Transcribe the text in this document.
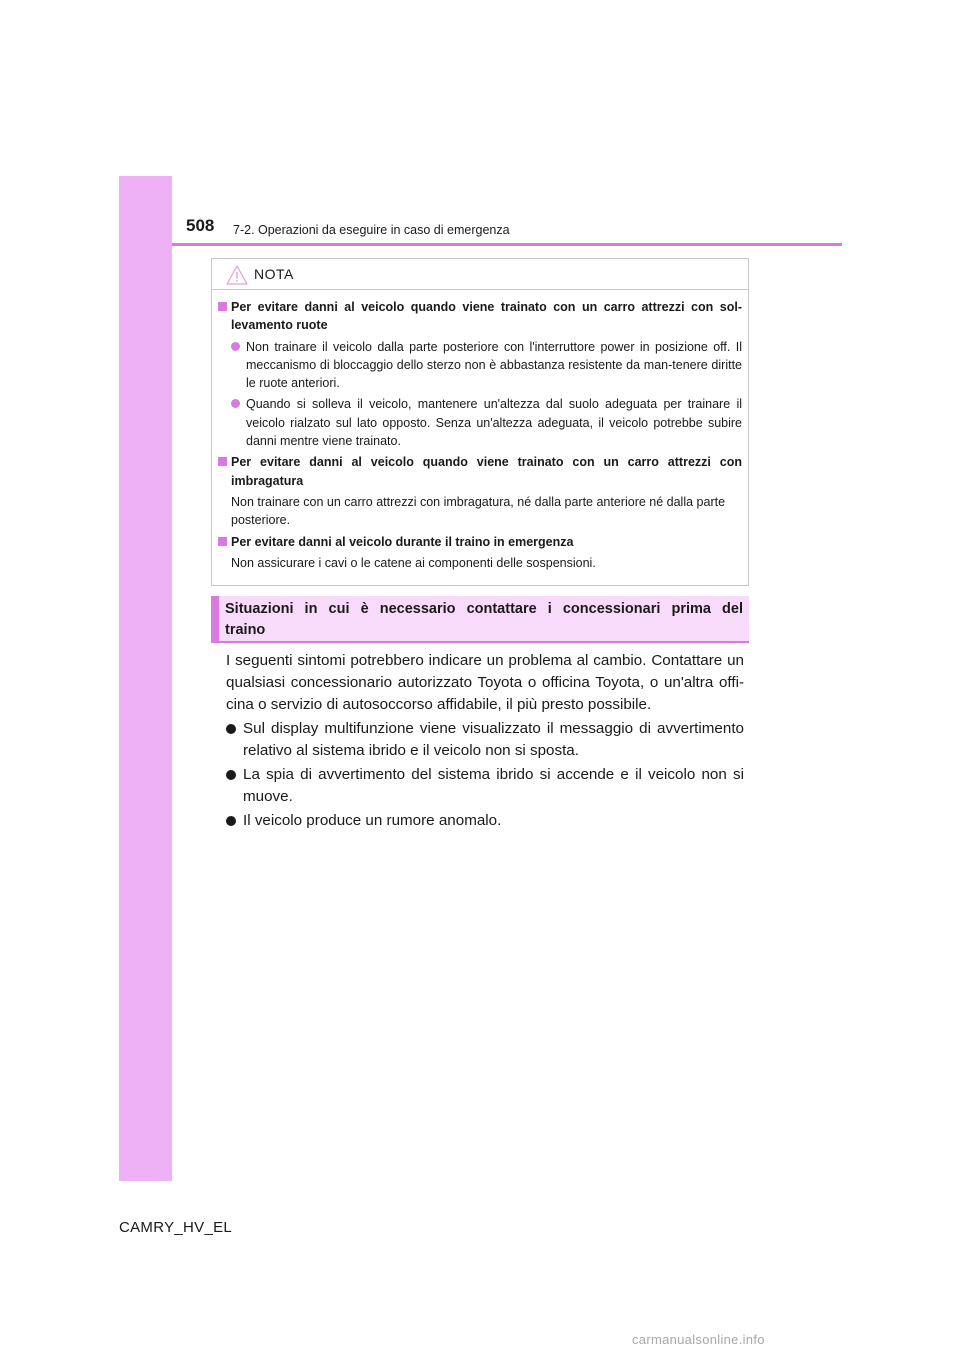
508 7-2. Operazioni da eseguire in caso di emergenza
NOTA
Per evitare danni al veicolo quando viene trainato con un carro attrezzi con sol-levamento ruote
Non trainare il veicolo dalla parte posteriore con l'interruttore power in posizione off. Il meccanismo di bloccaggio dello sterzo non è abbastanza resistente da man-tenere diritte le ruote anteriori.
Quando si solleva il veicolo, mantenere un'altezza dal suolo adeguata per trainare il veicolo rialzato sul lato opposto. Senza un'altezza adeguata, il veicolo potrebbe subire danni mentre viene trainato.
Per evitare danni al veicolo quando viene trainato con un carro attrezzi con imbragatura
Non trainare con un carro attrezzi con imbragatura, né dalla parte anteriore né dalla parte posteriore.
Per evitare danni al veicolo durante il traino in emergenza
Non assicurare i cavi o le catene ai componenti delle sospensioni.
Situazioni in cui è necessario contattare i concessionari prima del traino

I seguenti sintomi potrebbero indicare un problema al cambio. Contattare un qualsiasi concessionario autorizzato Toyota o officina Toyota, o un'altra offi-cina o servizio di autosoccorso affidabile, il più presto possibile.

Sul display multifunzione viene visualizzato il messaggio di avvertimento relativo al sistema ibrido e il veicolo non si sposta.
La spia di avvertimento del sistema ibrido si accende e il veicolo non si muove.
Il veicolo produce un rumore anomalo.
CAMRY_HV_EL
carmanualsonline.info
